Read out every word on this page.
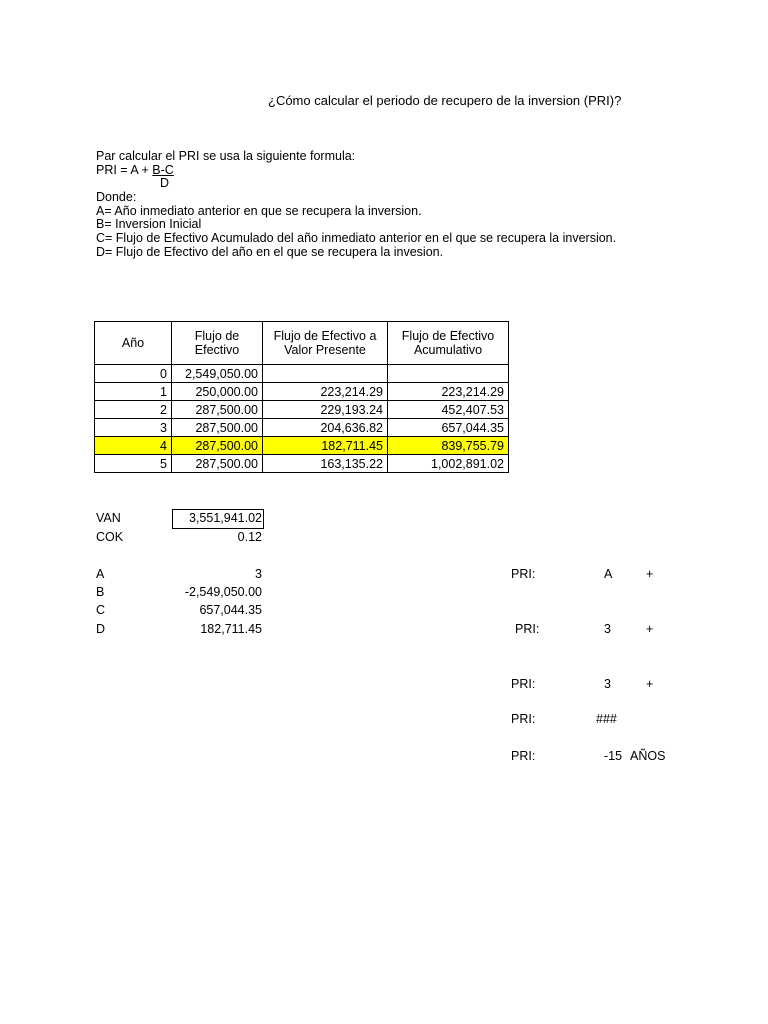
¿Cómo calcular el periodo de recupero de la inversion (PRI)?
Par calcular el PRI se usa la siguiente formula:
PRI = A + B-C
D
Donde:
A= Año inmediato anterior en que se recupera la inversion.
B= Inversion Inicial
C= Flujo de Efectivo Acumulado del año inmediato anterior en el que se recupera la inversion.
D= Flujo de Efectivo del año en el que se recupera la invesion.
Año	Flujo de Efectivo	Flujo de Efectivo a Valor Presente	Flujo de Efectivo Acumulativo
0	2,549,050.00		
1	250,000.00	223,214.29	223,214.29
2	287,500.00	229,193.24	452,407.53
3	287,500.00	204,636.82	657,044.35
4	287,500.00	182,711.45	839,755.79
5	287,500.00	163,135.22	1,002,891.02
VAN	3,551,941.02
COK	0.12
A	3
B	-2,549,050.00
C	657,044.35
D	182,711.45
PRI:	A	+
PRI:	3	+
PRI:	3	+
PRI:	###
PRI:	-15 AÑOS
